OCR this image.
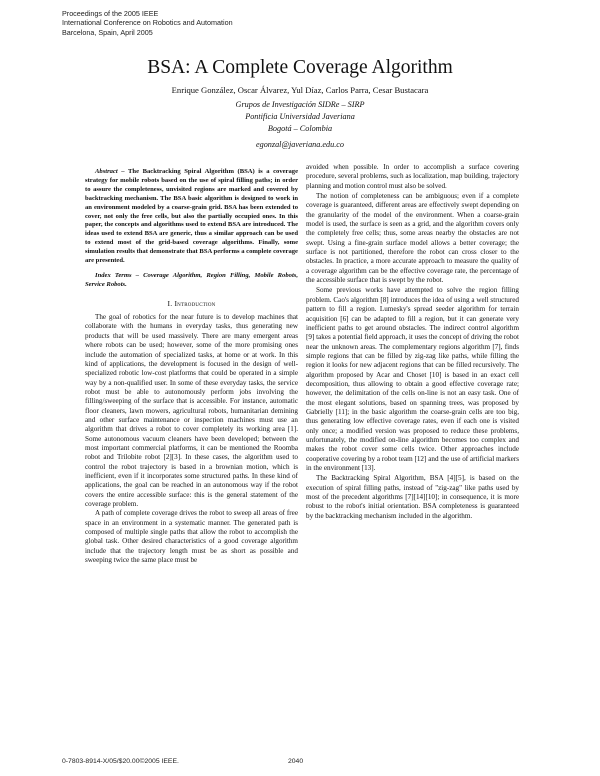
Proceedings of the 2005 IEEE
International Conference on Robotics and Automation
Barcelona, Spain, April 2005
BSA: A Complete Coverage Algorithm
Enrique González, Oscar Álvarez, Yul Díaz, Carlos Parra, Cesar Bustacara
Grupos de Investigación SIDRe – SIRP
Pontificia Universidad Javeriana
Bogotá – Colombia
egonzal@javeriana.edu.co

Abstract – The Backtracking Spiral Algorithm (BSA) is a coverage strategy for mobile robots based on the use of spiral filling paths; in order to assure the completeness, unvisited regions are marked and covered by backtracking mechanism. The BSA basic algorithm is designed to work in an environment modeled by a coarse-grain grid. BSA has been extended to cover, not only the free cells, but also the partially occupied ones. In this paper, the concepts and algorithms used to extend BSA are introduced. The ideas used to extend BSA are generic, thus a similar approach can be used to extend most of the grid-based coverage algorithms. Finally, some simulation results that demonstrate that BSA performs a complete coverage are presented.

Index Terms – Coverage Algorithm, Region Filling, Mobile Robots, Service Robots.

I. Introduction

The goal of robotics for the near future is to develop machines that collaborate with the humans in everyday tasks, thus generating new products that will be used massively. There are many emergent areas where robots can be used; however, some of the more promising ones include the automation of specialized tasks, at home or at work. In this kind of applications, the development is focused in the design of well-specialized robotic low-cost platforms that could be operated in a simple way by a non-qualified user. In some of these everyday tasks, the service robot must be able to autonomously perform jobs involving the filling/sweeping of the surface that is accessible. For instance, automatic floor cleaners, lawn mowers, agricultural robots, humanitarian demining and other surface maintenance or inspection machines must use an algorithm that drives a robot to cover completely its working area [1]. Some autonomous vacuum cleaners have been developed; between the most important commercial platforms, it can be mentioned the Roomba robot and Trilobite robot [2][3]. In these cases, the algorithm used to control the robot trajectory is based in a brownian motion, which is inefficient, even if it incorporates some structured paths. In these kind of applications, the goal can be reached in an autonomous way if the robot covers the entire accessible surface: this is the general statement of the coverage problem.

A path of complete coverage drives the robot to sweep all areas of free space in an environment in a systematic manner. The generated path is composed of multiple single paths that allow the robot to accomplish the global task. Other desired characteristics of a good coverage algorithm include that the trajectory length must be as short as possible and sweeping twice the same place must be

avoided when possible. In order to accomplish a surface covering procedure, several problems, such as localization, map building, trajectory planning and motion control must also be solved.

The notion of completeness can be ambiguous; even if a complete coverage is guaranteed, different areas are effectively swept depending on the granularity of the model of the environment. When a coarse-grain model is used, the surface is seen as a grid, and the algorithm covers only the completely free cells; thus, some areas nearby the obstacles are not swept. Using a fine-grain surface model allows a better coverage; the surface is not partitioned, therefore the robot can cross closer to the obstacles. In practice, a more accurate approach to measure the quality of a coverage algorithm can be the effective coverage rate, the percentage of the accessible surface that is swept by the robot.

Some previous works have attempted to solve the region filling problem. Cao's algorithm [8] introduces the idea of using a well structured pattern to fill a region. Lumesky's spread seeder algorithm for terrain acquisition [6] can be adapted to fill a region, but it can generate very inefficient paths to get around obstacles. The indirect control algorithm [9] takes a potential field approach, it uses the concept of driving the robot near the unknown areas. The complementary regions algorithm [7], finds simple regions that can be filled by zig-zag like paths, while filling the region it looks for new adjacent regions that can be filled recursively. The algorithm proposed by Acar and Choset [10] is based in an exact cell decomposition, thus allowing to obtain a good effective coverage rate; however, the delimitation of the cells on-line is not an easy task. One of the most elegant solutions, based on spanning trees, was proposed by Gabrielly [11]; in the basic algorithm the coarse-grain cells are too big, thus generating low effective coverage rates, even if each one is visited only once; a modified version was proposed to reduce these problems, unfortunately, the modified on-line algorithm becomes too complex and makes the robot cover some cells twice. Other approaches include cooperative covering by a robot team [12] and the use of artificial markers in the environment [13].

The Backtracking Spiral Algorithm, BSA [4][5], is based on the execution of spiral filling paths, instead of "zig-zag" like paths used by most of the precedent algorithms [7][14][10]; in consequence, it is more robust to the robot's initial orientation. BSA completeness is guaranteed by the backtracking mechanism included in the algorithm.

0-7803-8914-X/05/$20.00©2005 IEEE.	2040
